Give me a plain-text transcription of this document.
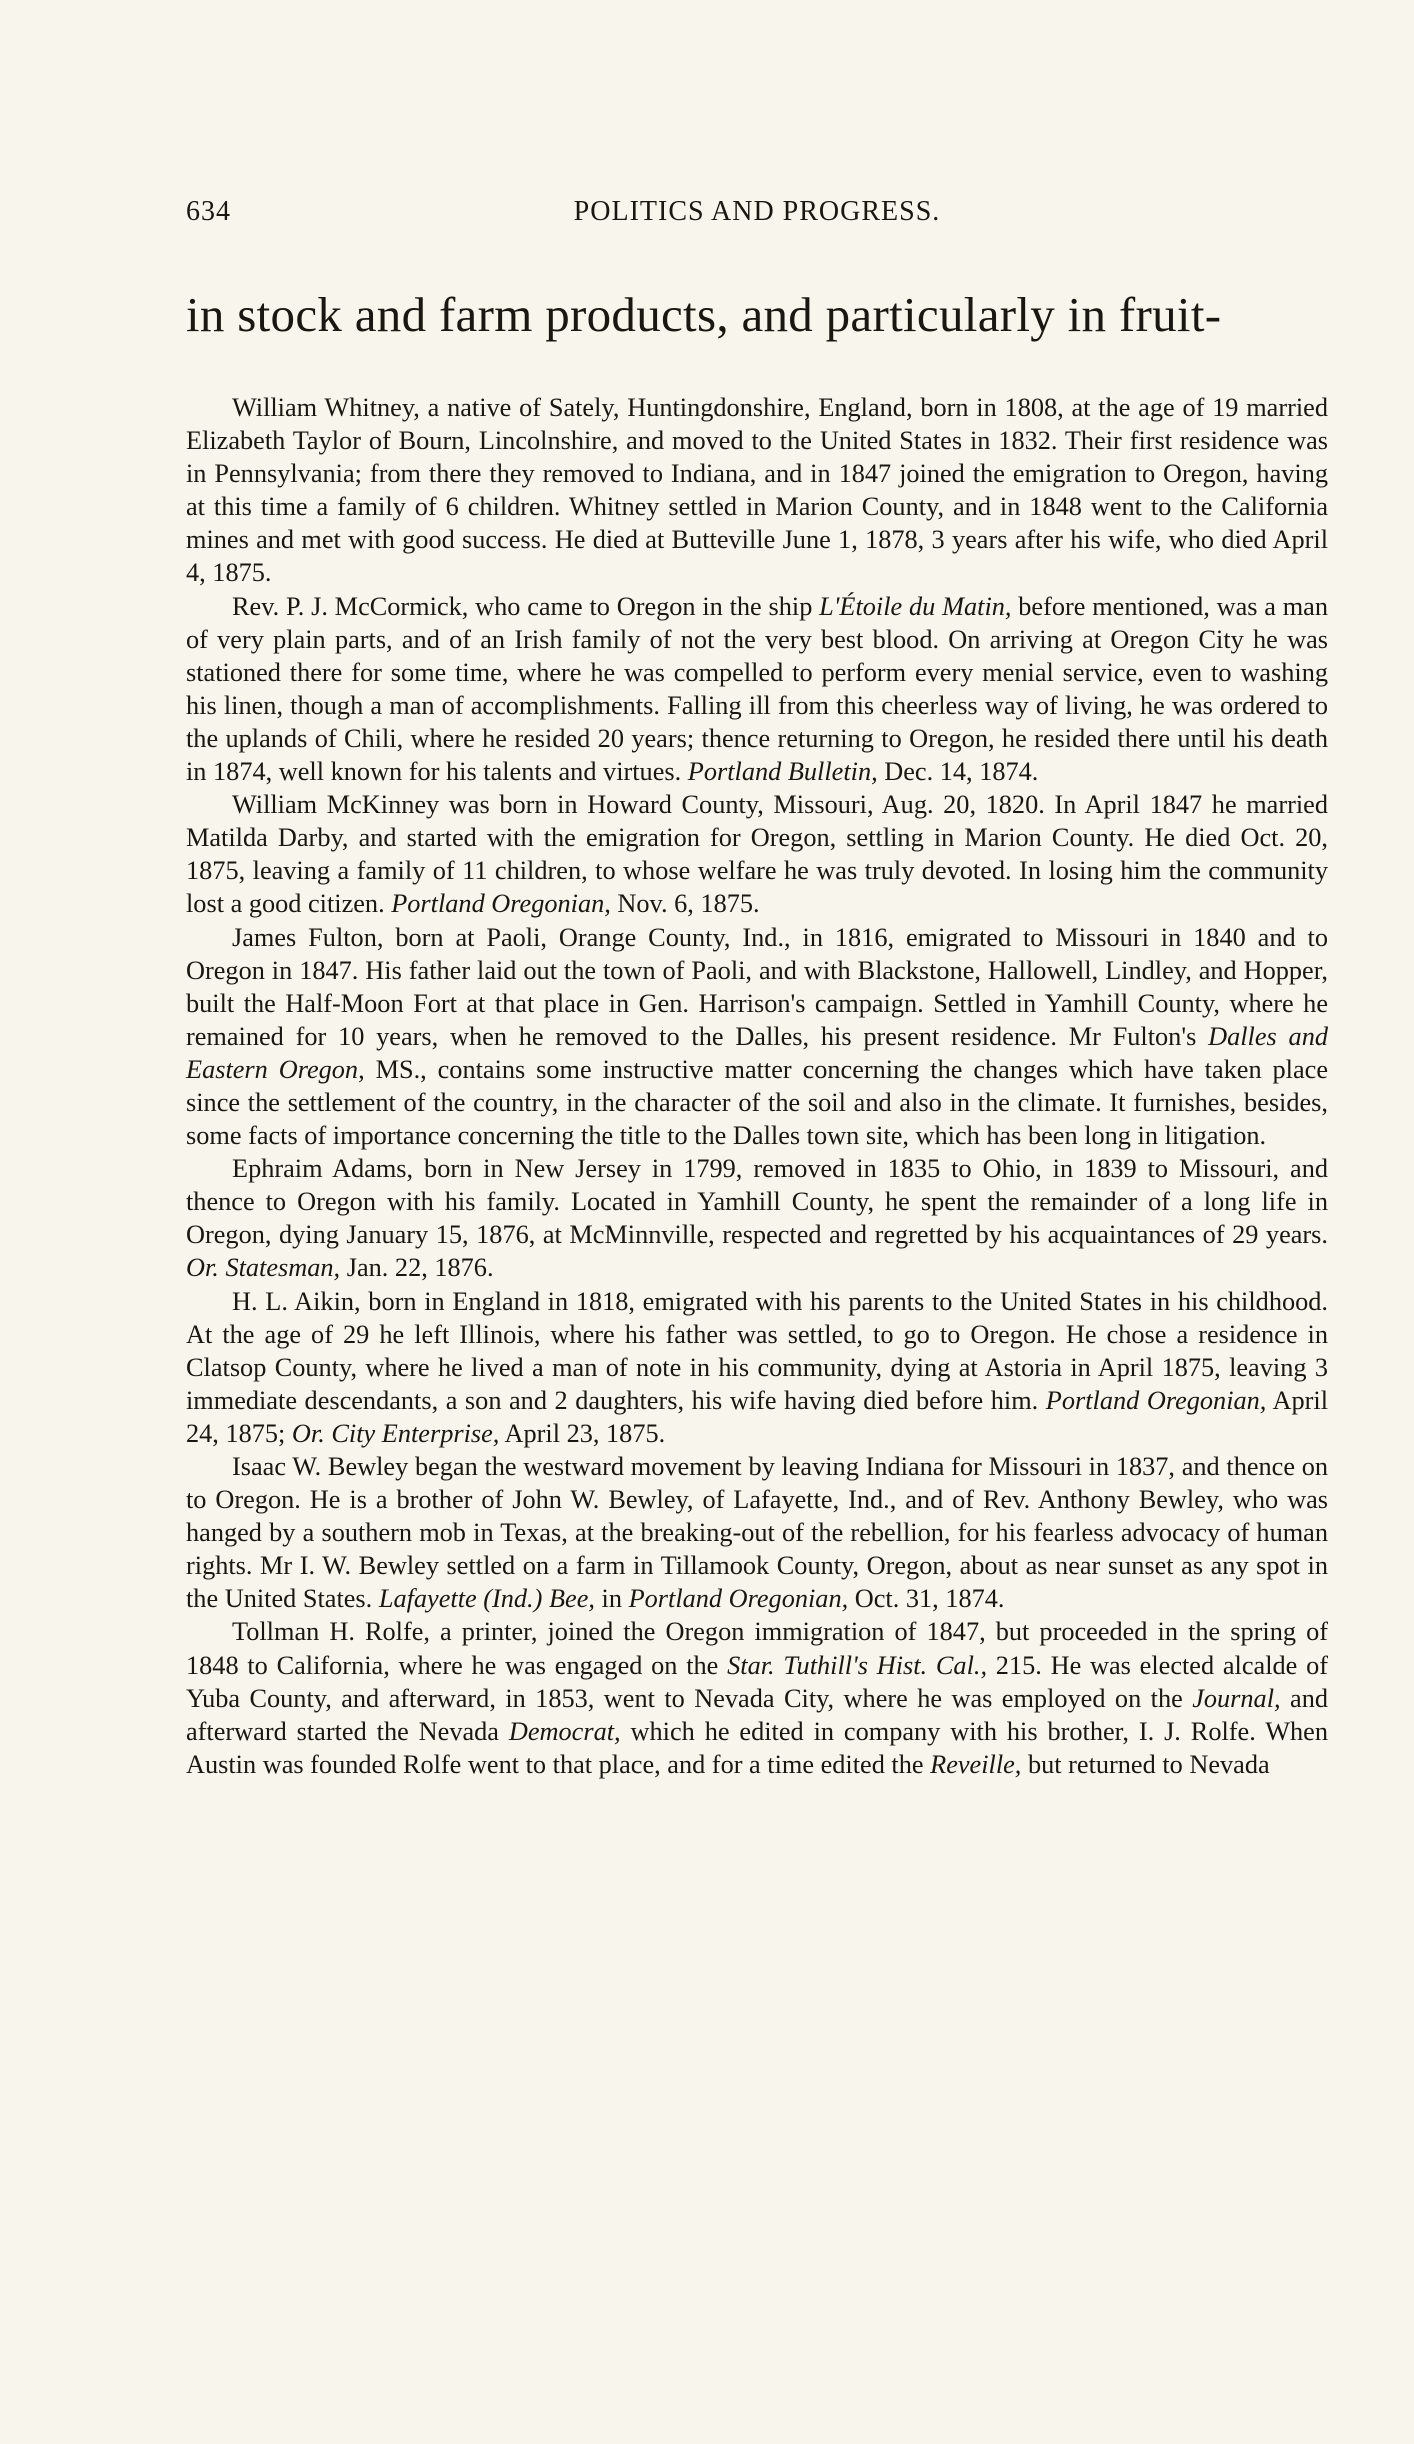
634	POLITICS AND PROGRESS.
in stock and farm products, and particularly in fruit-

William Whitney, a native of Sately, Huntingdonshire, England, born in 1808, at the age of 19 married Elizabeth Taylor of Bourn, Lincolnshire, and moved to the United States in 1832. Their first residence was in Pennsylvania; from there they removed to Indiana, and in 1847 joined the emigration to Oregon, having at this time a family of 6 children. Whitney settled in Marion County, and in 1848 went to the California mines and met with good success. He died at Butteville June 1, 1878, 3 years after his wife, who died April 4, 1875.

Rev. P. J. McCormick, who came to Oregon in the ship L'Étoile du Matin, before mentioned, was a man of very plain parts, and of an Irish family of not the very best blood. On arriving at Oregon City he was stationed there for some time, where he was compelled to perform every menial service, even to washing his linen, though a man of accomplishments. Falling ill from this cheerless way of living, he was ordered to the uplands of Chili, where he resided 20 years; thence returning to Oregon, he resided there until his death in 1874, well known for his talents and virtues. Portland Bulletin, Dec. 14, 1874.

William McKinney was born in Howard County, Missouri, Aug. 20, 1820. In April 1847 he married Matilda Darby, and started with the emigration for Oregon, settling in Marion County. He died Oct. 20, 1875, leaving a family of 11 children, to whose welfare he was truly devoted. In losing him the community lost a good citizen. Portland Oregonian, Nov. 6, 1875.

James Fulton, born at Paoli, Orange County, Ind., in 1816, emigrated to Missouri in 1840 and to Oregon in 1847. His father laid out the town of Paoli, and with Blackstone, Hallowell, Lindley, and Hopper, built the Half-Moon Fort at that place in Gen. Harrison's campaign. Settled in Yamhill County, where he remained for 10 years, when he removed to the Dalles, his present residence. Mr Fulton's Dalles and Eastern Oregon, MS., contains some instructive matter concerning the changes which have taken place since the settlement of the country, in the character of the soil and also in the climate. It furnishes, besides, some facts of importance concerning the title to the Dalles town site, which has been long in litigation.

Ephraim Adams, born in New Jersey in 1799, removed in 1835 to Ohio, in 1839 to Missouri, and thence to Oregon with his family. Located in Yamhill County, he spent the remainder of a long life in Oregon, dying January 15, 1876, at McMinnville, respected and regretted by his acquaintances of 29 years. Or. Statesman, Jan. 22, 1876.

H. L. Aikin, born in England in 1818, emigrated with his parents to the United States in his childhood. At the age of 29 he left Illinois, where his father was settled, to go to Oregon. He chose a residence in Clatsop County, where he lived a man of note in his community, dying at Astoria in April 1875, leaving 3 immediate descendants, a son and 2 daughters, his wife having died before him. Portland Oregonian, April 24, 1875; Or. City Enterprise, April 23, 1875.

Isaac W. Bewley began the westward movement by leaving Indiana for Missouri in 1837, and thence on to Oregon. He is a brother of John W. Bewley, of Lafayette, Ind., and of Rev. Anthony Bewley, who was hanged by a southern mob in Texas, at the breaking-out of the rebellion, for his fearless advocacy of human rights. Mr I. W. Bewley settled on a farm in Tillamook County, Oregon, about as near sunset as any spot in the United States. Lafayette (Ind.) Bee, in Portland Oregonian, Oct. 31, 1874.

Tollman H. Rolfe, a printer, joined the Oregon immigration of 1847, but proceeded in the spring of 1848 to California, where he was engaged on the Star. Tuthill's Hist. Cal., 215. He was elected alcalde of Yuba County, and afterward, in 1853, went to Nevada City, where he was employed on the Journal, and afterward started the Nevada Democrat, which he edited in company with his brother, I. J. Rolfe. When Austin was founded Rolfe went to that place, and for a time edited the Reveille, but returned to Nevada
